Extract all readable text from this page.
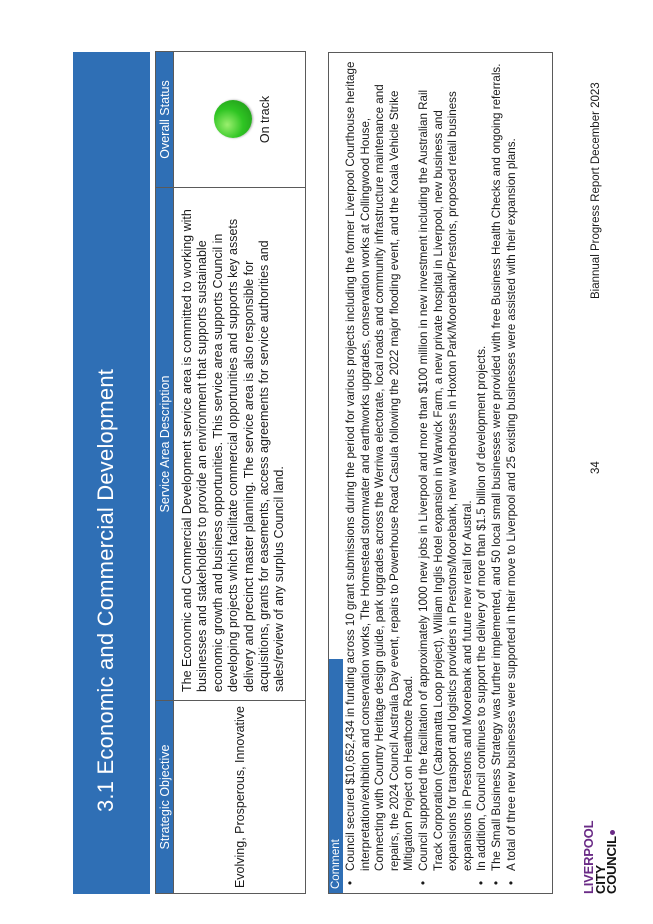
3.1 Economic and Commercial Development	Strategic Objective	Service Area Description	Overall Status
Evolving, Prosperous, Innovative	The Economic and Commercial Development service area is committed to working with businesses and stakeholders to provide an environment that supports sustainable economic growth and business opportunities. This service area supports Council in developing projects which facilitate commercial opportunities and supports key assets delivery and precinct master planning. The service area is also responsible for acquisitions, grants for easements, access agreements for service authorities and sales/review of any surplus Council land.	On track
Comment • Council secured $10,652,434 in funding across 10 grant submissions during the period for various projects including the former Liverpool Courthouse heritage interpretation/exhibition and conservation works, The Homestead stormwater and earthworks upgrades, conservation works at Collingwood House, Connecting with Country Heritage design guide, park upgrades across the Werriwa electorate, local roads and community infrastructure maintenance and repairs, the 2024 Council Australia Day event, repairs to Powerhouse Road Casula following the 2022 major flooding event, and the Koala Vehicle Strike Mitigation Project on Heathcote Road. • Council supported the facilitation of approximately 1000 new jobs in Liverpool and more than $100 million in new investment including the Australian Rail Track Corporation (Cabramatta Loop project), William Inglis Hotel expansion in Warwick Farm, a new private hospital in Liverpool, new business and expansions for transport and logistics providers in Prestons/Moorebank, new warehouses in Hoxton Park/Moorebank/Prestons, proposed retail business expansions in Prestons and Moorebank and future new retail for Austral. • In addition, Council continues to support the delivery of more than $1.5 billion of development projects. • The Small Business Strategy was further implemented, and 50 local small businesses were provided with free Business Health Checks and ongoing referrals. • A total of three new businesses were supported in their move to Liverpool and 25 existing businesses were assisted with their expansion plans.	LIVERPOOL
CITY
COUNCIL
34
Biannual Progress Report December 2023
